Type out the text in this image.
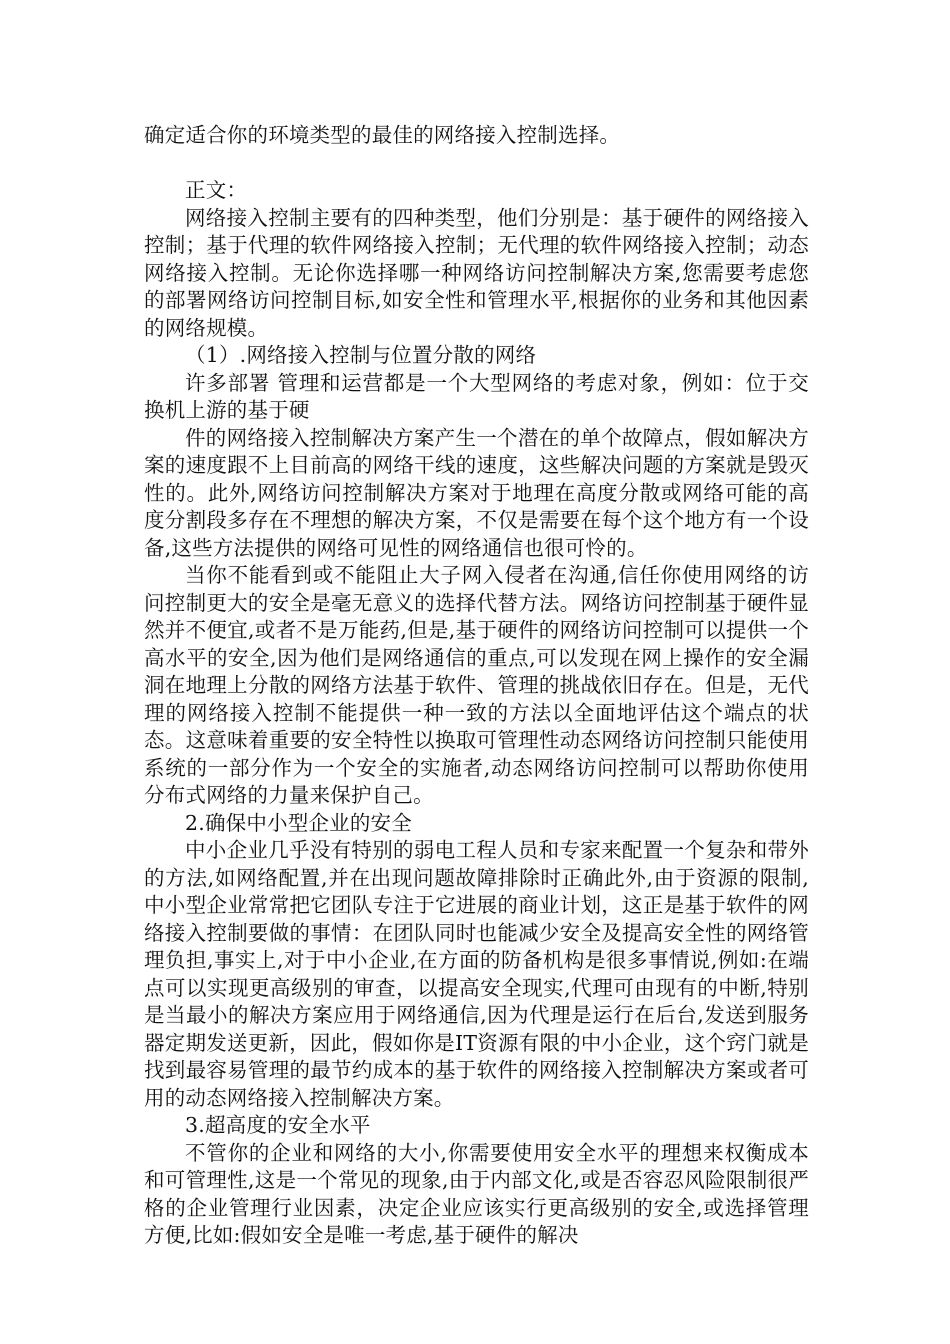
确定适合你的环境类型的最佳的网络接入控制选择。

正文：

网络接入控制主要有的四种类型，他们分别是：基于硬件的网络接入控制；基于代理的软件网络接入控制；无代理的软件网络接入控制；动态网络接入控制。无论你选择哪一种网络访问控制解决方案,您需要考虑您的部署网络访问控制目标,如安全性和管理水平,根据你的业务和其他因素的网络规模。

（1）.网络接入控制与位置分散的网络

许多部署 管理和运营都是一个大型网络的考虑对象，例如：位于交换机上游的基于硬

件的网络接入控制解决方案产生一个潜在的单个故障点，假如解决方案的速度跟不上目前高的网络干线的速度，这些解决问题的方案就是毁灭性的。此外,网络访问控制解决方案对于地理在高度分散或网络可能的高度分割段多存在不理想的解决方案，不仅是需要在每个这个地方有一个设备,这些方法提供的网络可见性的网络通信也很可怜的。

当你不能看到或不能阻止大子网入侵者在沟通,信任你使用网络的访问控制更大的安全是毫无意义的选择代替方法。网络访问控制基于硬件显然并不便宜,或者不是万能药,但是,基于硬件的网络访问控制可以提供一个高水平的安全,因为他们是网络通信的重点,可以发现在网上操作的安全漏洞在地理上分散的网络方法基于软件、管理的挑战依旧存在。但是，无代理的网络接入控制不能提供一种一致的方法以全面地评估这个端点的状态。这意味着重要的安全特性以换取可管理性动态网络访问控制只能使用系统的一部分作为一个安全的实施者,动态网络访问控制可以帮助你使用分布式网络的力量来保护自己。

2.确保中小型企业的安全

中小企业几乎没有特别的弱电工程人员和专家来配置一个复杂和带外的方法,如网络配置,并在出现问题故障排除时正确此外,由于资源的限制,中小型企业常常把它团队专注于它进展的商业计划，这正是基于软件的网络接入控制要做的事情：在团队同时也能减少安全及提高安全性的网络管理负担,事实上,对于中小企业,在方面的防备机构是很多事情说,例如:在端点可以实现更高级别的审查，以提高安全现实,代理可由现有的中断,特别是当最小的解决方案应用于网络通信,因为代理是运行在后台,发送到服务器定期发送更新，因此，假如你是IT资源有限的中小企业，这个窍门就是找到最容易管理的最节约成本的基于软件的网络接入控制解决方案或者可用的动态网络接入控制解决方案。

3.超高度的安全水平

不管你的企业和网络的大小,你需要使用安全水平的理想来权衡成本和可管理性,这是一个常见的现象,由于内部文化,或是否容忍风险限制很严格的企业管理行业因素，决定企业应该实行更高级别的安全,或选择管理方便,比如:假如安全是唯一考虑,基于硬件的解决
